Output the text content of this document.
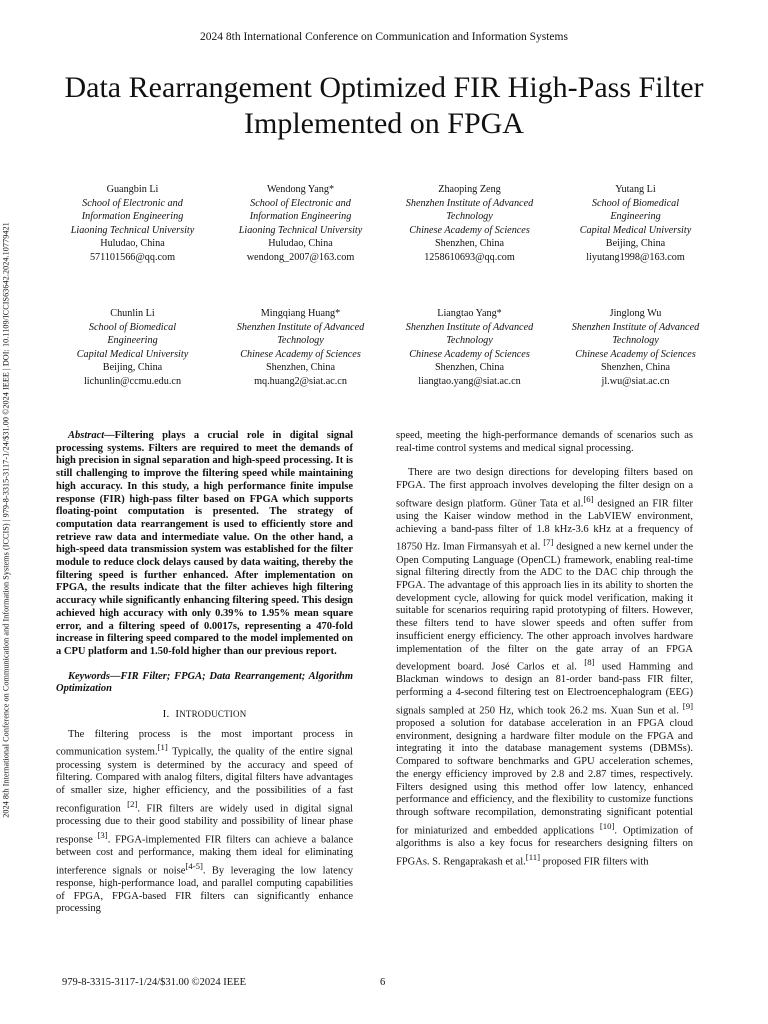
2024 8th International Conference on Communication and Information Systems
Data Rearrangement Optimized FIR High-Pass Filter
Implemented on FPGA
2024 8th International Conference on Communication and Information Systems (ICCIS) | 979-8-3315-3117-1/24/$31.00 ©2024 IEEE | DOI: 10.1109/ICCIS63642.2024.10779421
Guangbin Li
School of Electronic and
Information Engineering
Liaoning Technical University
Huludao, China
571101566@qq.com
Wendong Yang*
School of Electronic and
Information Engineering
Liaoning Technical University
Huludao, China
wendong_2007@163.com
Zhaoping Zeng
Shenzhen Institute of Advanced
Technology
Chinese Academy of Sciences
Shenzhen, China
1258610693@qq.com
Yutang Li
School of Biomedical
Engineering
Capital Medical University
Beijing, China
liyutang1998@163.com
Chunlin Li
School of Biomedical
Engineering
Capital Medical University
Beijing, China
lichunlin@ccmu.edu.cn
Mingqiang Huang*
Shenzhen Institute of Advanced
Technology
Chinese Academy of Sciences
Shenzhen, China
mq.huang2@siat.ac.cn
Liangtao Yang*
Shenzhen Institute of Advanced
Technology
Chinese Academy of Sciences
Shenzhen, China
liangtao.yang@siat.ac.cn
Jinglong Wu
Shenzhen Institute of Advanced
Technology
Chinese Academy of Sciences
Shenzhen, China
jl.wu@siat.ac.cn

Abstract—Filtering plays a crucial role in digital signal processing systems. Filters are required to meet the demands of high precision in signal separation and high-speed processing. It is still challenging to improve the filtering speed while maintaining high accuracy. In this study, a high performance finite impulse response (FIR) high-pass filter based on FPGA which supports floating-point computation is presented. The strategy of computation data rearrangement is used to efficiently store and retrieve raw data and intermediate value. On the other hand, a high-speed data transmission system was established for the filter module to reduce clock delays caused by data waiting, thereby the filtering speed is further enhanced. After implementation on FPGA, the results indicate that the filter achieves high filtering accuracy while significantly enhancing filtering speed. This design achieved high accuracy with only 0.39% to 1.95% mean square error, and a filtering speed of 0.0017s, representing a 470-fold increase in filtering speed compared to the model implemented on a CPU platform and 1.50-fold higher than our previous report.

Keywords—FIR Filter; FPGA; Data Rearrangement; Algorithm Optimization

I. INTRODUCTION

The filtering process is the most important process in communication system.[1] Typically, the quality of the entire signal processing system is determined by the accuracy and speed of filtering. Compared with analog filters, digital filters have advantages of smaller size, higher efficiency, and the possibilities of a fast reconfiguration [2]. FIR filters are widely used in digital signal processing due to their good stability and possibility of linear phase response [3]. FPGA-implemented FIR filters can achieve a balance between cost and performance, making them ideal for eliminating interference signals or noise[4-5]. By leveraging the low latency response, high-performance load, and parallel computing capabilities of FPGA, FPGA-based FIR filters can significantly enhance processing

speed, meeting the high-performance demands of scenarios such as real-time control systems and medical signal processing.

There are two design directions for developing filters based on FPGA. The first approach involves developing the filter design on a software design platform. Güner Tata et al.[6] designed an FIR filter using the Kaiser window method in the LabVIEW environment, achieving a band-pass filter of 1.8 kHz-3.6 kHz at a frequency of 18750 Hz. Iman Firmansyah et al. [7] designed a new kernel under the Open Computing Language (OpenCL) framework, enabling real-time signal filtering directly from the ADC to the DAC chip through the FPGA. The advantage of this approach lies in its ability to shorten the development cycle, allowing for quick model verification, making it suitable for scenarios requiring rapid prototyping of filters. However, these filters tend to have slower speeds and often suffer from insufficient energy efficiency. The other approach involves hardware implementation of the filter on the gate array of an FPGA development board. José Carlos et al. [8] used Hamming and Blackman windows to design an 81-order band-pass FIR filter, performing a 4-second filtering test on Electroencephalogram (EEG) signals sampled at 250 Hz, which took 26.2 ms. Xuan Sun et al. [9] proposed a solution for database acceleration in an FPGA cloud environment, designing a hardware filter module on the FPGA and integrating it into the database management systems (DBMSs). Compared to software benchmarks and GPU acceleration schemes, the energy efficiency improved by 2.8 and 2.87 times, respectively. Filters designed using this method offer low latency, enhanced performance and efficiency, and the flexibility to customize functions through software recompilation, demonstrating significant potential for miniaturized and embedded applications [10]. Optimization of algorithms is also a key focus for researchers designing filters on FPGAs. S. Rengaprakash et al.[11] proposed FIR filters with

979-8-3315-3117-1/24/$31.00 ©2024 IEEE	6
